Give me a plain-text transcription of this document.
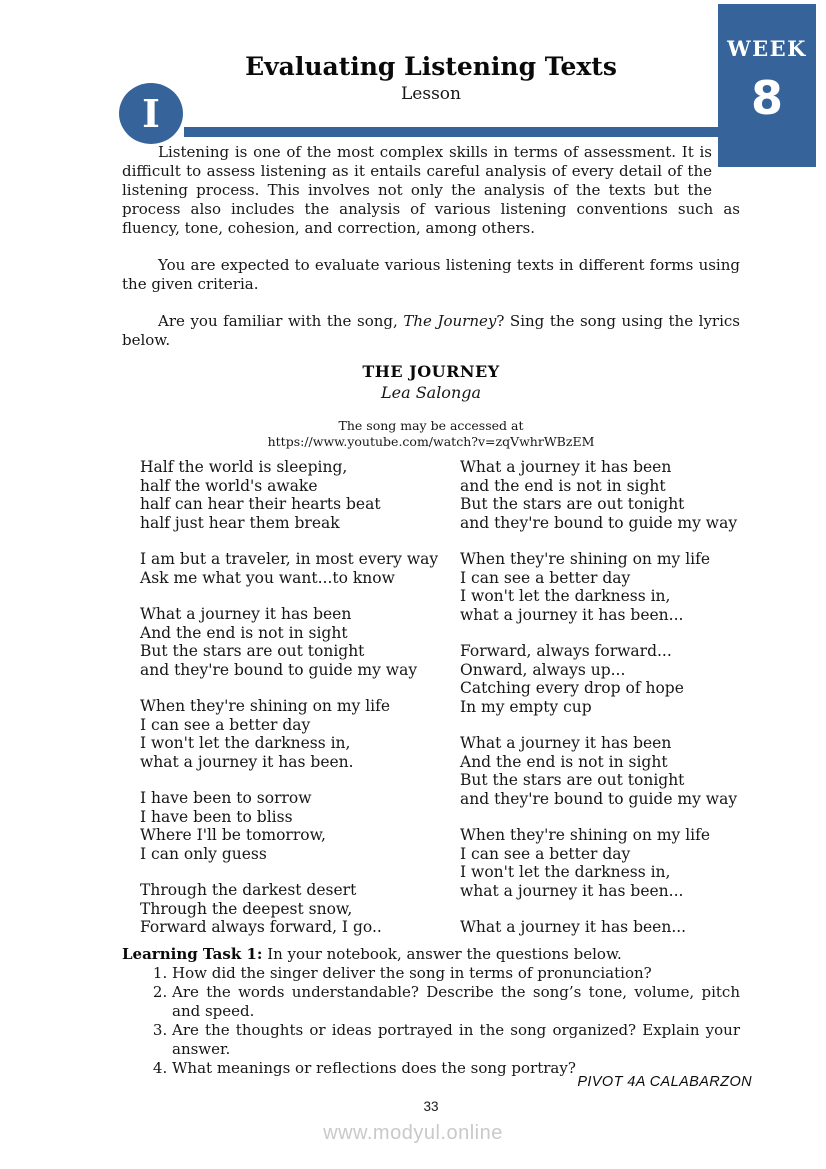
WEEK
8
I
Evaluating Listening Texts
Lesson

Listening is one of the most complex skills in terms of assessment. It is difficult to assess listening as it entails careful analysis of every detail of the listening process. This involves not only the analysis of the texts but the process also includes the analysis of various listening conventions such as fluency, tone, cohesion, and correction, among others.

You are expected to evaluate various listening texts in different forms using the given criteria.

Are you familiar with the song, The Journey? Sing the song using the lyrics below.

THE JOURNEY
Lea Salonga
The song may be accessed at
https://www.youtube.com/watch?v=zqVwhrWBzEM
Half the world is sleeping,
half the world's awake
half can hear their hearts beat
half just hear them break
I am but a traveler, in most every way
Ask me what you want...to know
What a journey it has been
And the end is not in sight
But the stars are out tonight
and they're bound to guide my way
When they're shining on my life
I can see a better day
I won't let the darkness in,
what a journey it has been.
I have been to sorrow
I have been to bliss
Where I'll be tomorrow,
I can only guess
Through the darkest desert
Through the deepest snow,
Forward always forward, I go..
What a journey it has been
and the end is not in sight
But the stars are out tonight
and they're bound to guide my way
When they're shining on my life
I can see a better day
I won't let the darkness in,
what a journey it has been...
Forward, always forward...
Onward, always up...
Catching every drop of hope
In my empty cup
What a journey it has been
And the end is not in sight
But the stars are out tonight
and they're bound to guide my way
When they're shining on my life
I can see a better day
I won't let the darkness in,
what a journey it has been...
What a journey it has been...
Learning Task 1: In your notebook, answer the questions below.
1. How did the singer deliver the song in terms of pronunciation?
2. Are the words understandable? Describe the song’s tone, volume, pitch and speed.
3. Are the thoughts or ideas portrayed in the song organized? Explain your answer.
4. What meanings or reflections does the song portray?
PIVOT 4A CALABARZON
33
www.modyul.online
